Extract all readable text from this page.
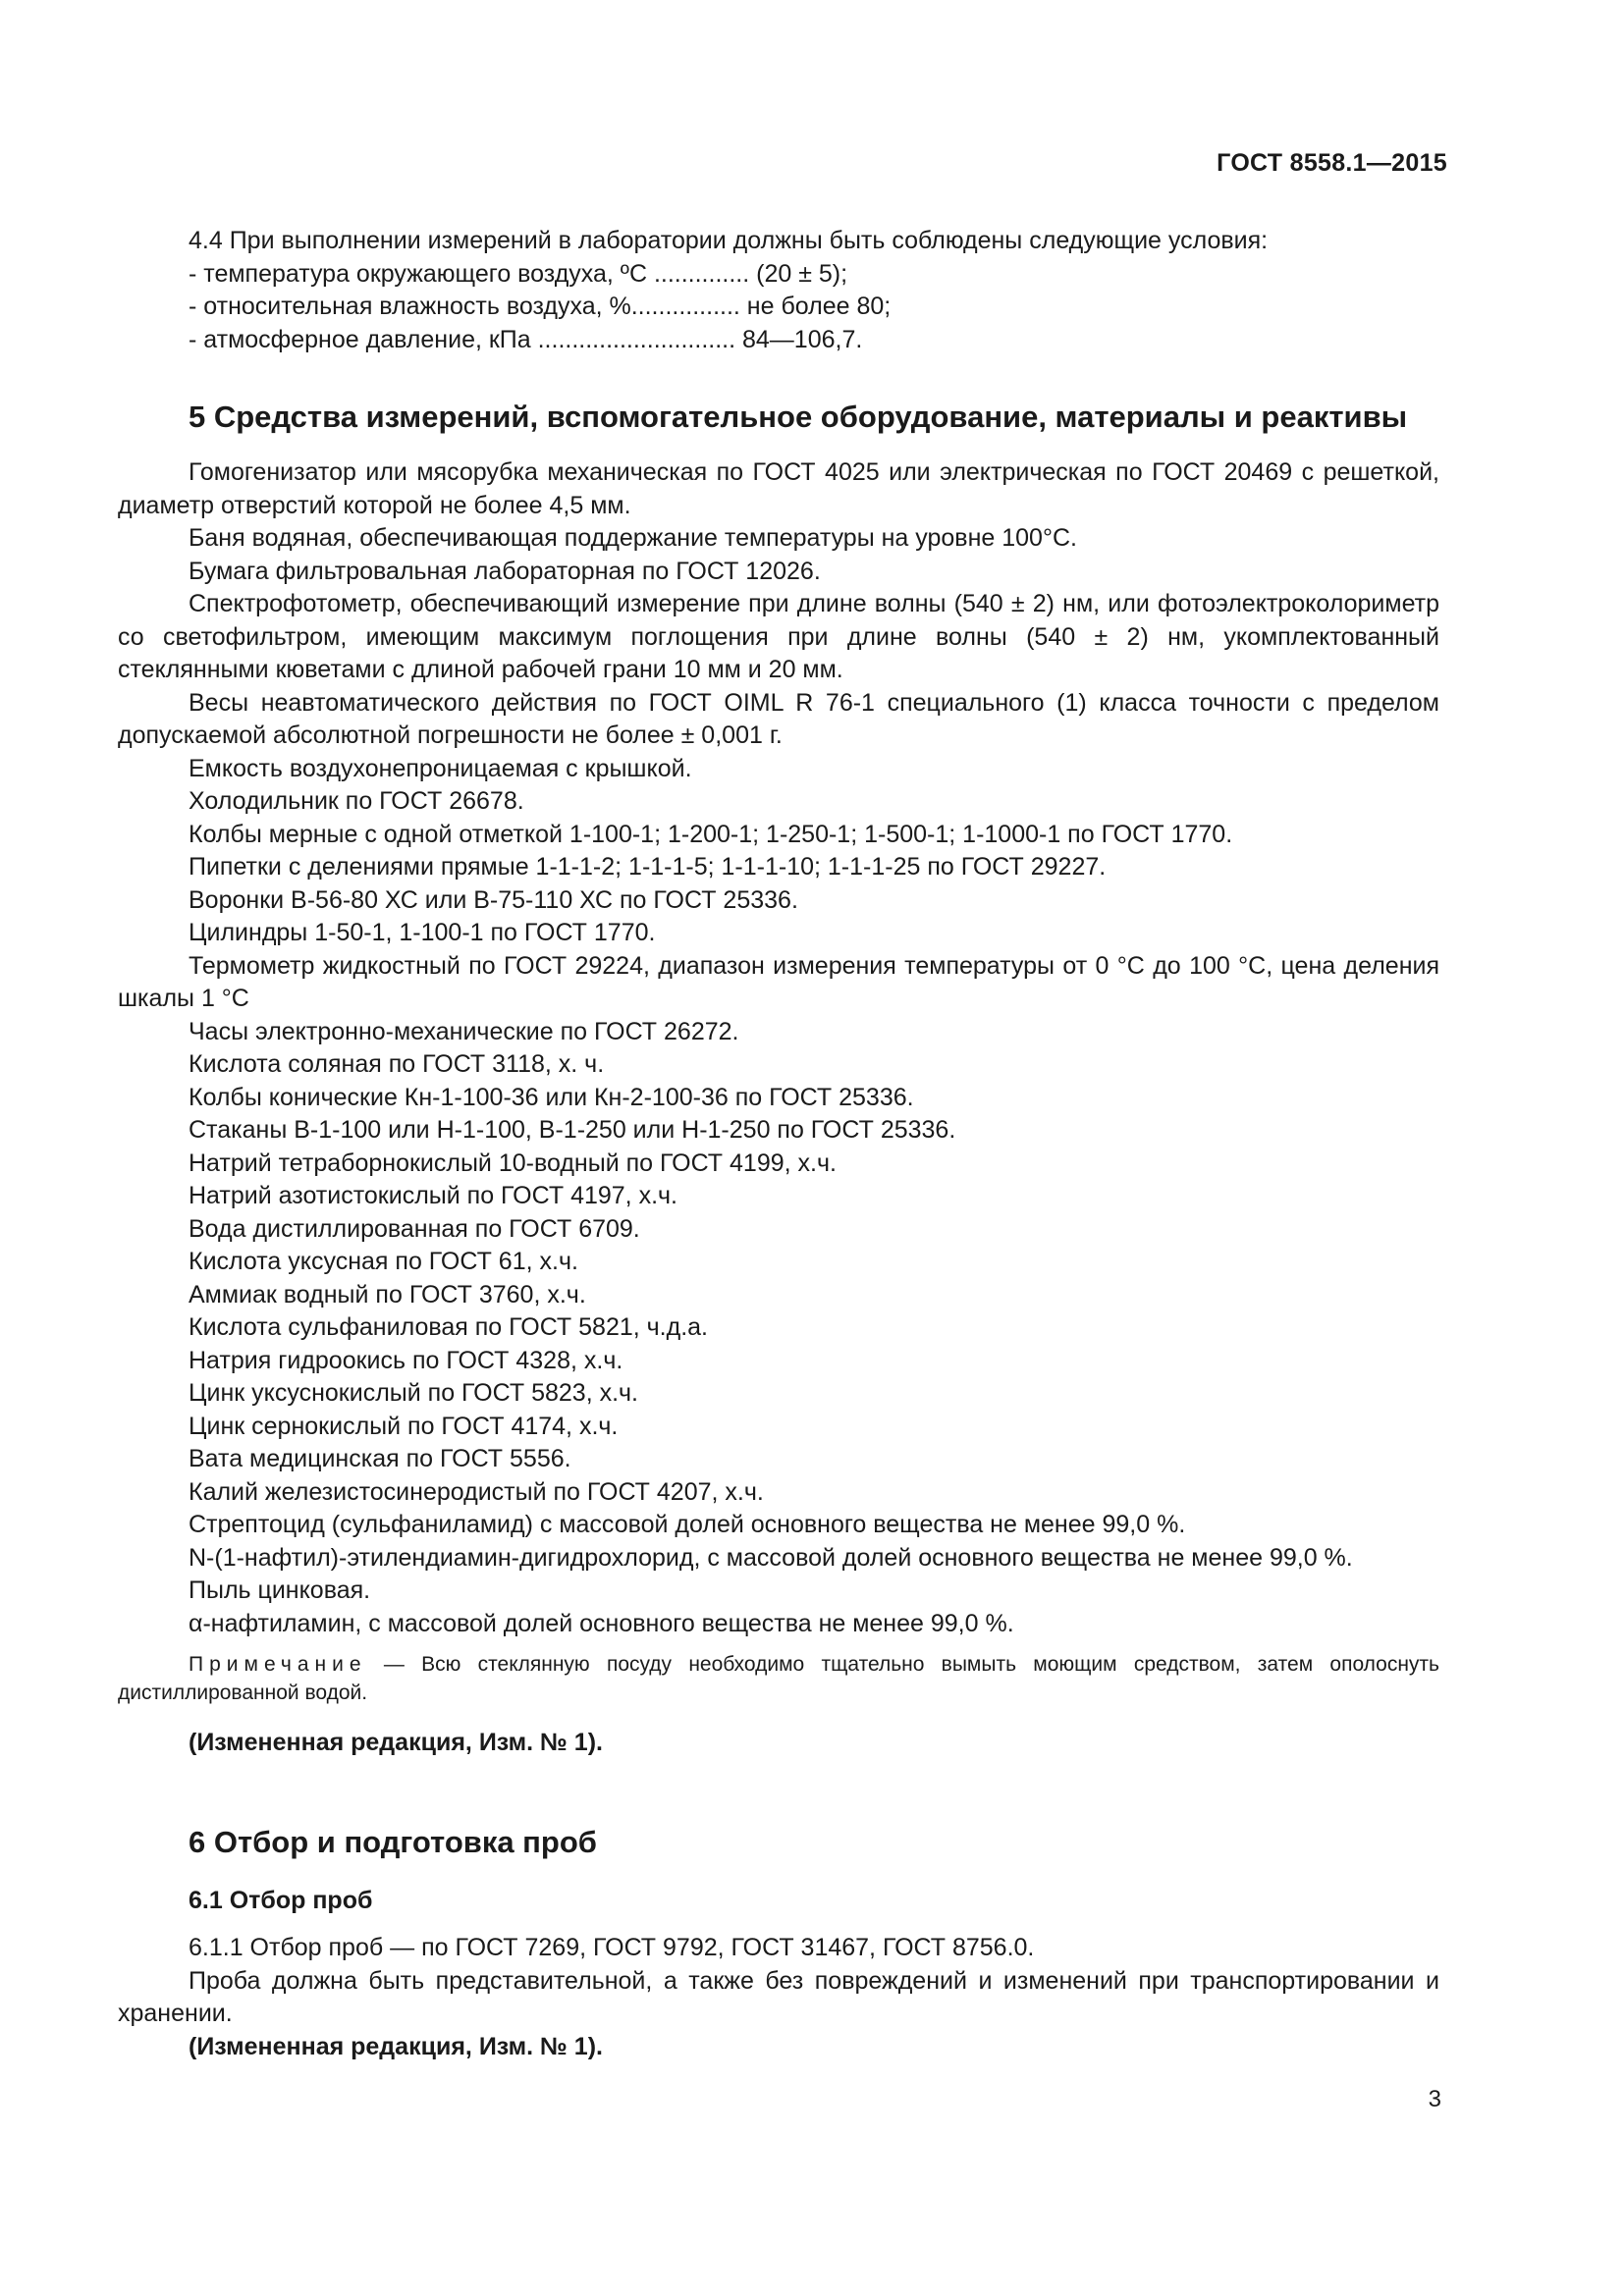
ГОСТ 8558.1—2015

4.4 При выполнении измерений в лаборатории должны быть соблюдены следующие условия:

- температура окружающего воздуха, ºС .............. (20 ± 5);

- относительная влажность воздуха, %................ не более 80;

- атмосферное давление, кПа ............................. 84—106,7.

5 Средства измерений, вспомогательное оборудование, материалы и реактивы

Гомогенизатор или мясорубка механическая по ГОСТ 4025 или электрическая по ГОСТ 20469 с решеткой, диаметр отверстий которой не более 4,5 мм.

Баня водяная, обеспечивающая поддержание температуры на уровне 100°С.

Бумага фильтровальная лабораторная по ГОСТ 12026.

Спектрофотометр, обеспечивающий измерение при длине волны (540 ± 2) нм, или фотоэлектроколориметр со светофильтром, имеющим максимум поглощения при длине волны (540 ± 2) нм, укомплектованный стеклянными кюветами с длиной рабочей грани 10 мм и 20 мм.

Весы неавтоматического действия по ГОСТ OIML R 76-1 специального (1) класса точности с пределом допускаемой абсолютной погрешности не более ± 0,001 г.

Емкость воздухонепроницаемая с крышкой.

Холодильник по ГОСТ 26678.

Колбы мерные с одной отметкой 1-100-1; 1-200-1; 1-250-1; 1-500-1; 1-1000-1 по ГОСТ 1770.

Пипетки с делениями прямые 1-1-1-2; 1-1-1-5; 1-1-1-10; 1-1-1-25 по ГОСТ 29227.

Воронки В-56-80 ХС или В-75-110 ХС по ГОСТ 25336.

Цилиндры 1-50-1, 1-100-1 по ГОСТ 1770.

Термометр жидкостный по ГОСТ 29224, диапазон измерения температуры от 0 °С до 100 °С, цена деления шкалы 1 °С

Часы электронно-механические по ГОСТ 26272.

Кислота соляная по ГОСТ 3118, х. ч.

Колбы конические Кн-1-100-36 или Кн-2-100-36 по ГОСТ 25336.

Стаканы В-1-100 или Н-1-100, В-1-250 или Н-1-250 по ГОСТ 25336.

Натрий тетраборнокислый 10-водный по ГОСТ 4199, х.ч.

Натрий азотистокислый по ГОСТ 4197, х.ч.

Вода дистиллированная по ГОСТ 6709.

Кислота уксусная по ГОСТ 61, х.ч.

Аммиак водный по ГОСТ 3760, х.ч.

Кислота сульфаниловая по ГОСТ 5821, ч.д.а.

Натрия гидроокись по ГОСТ 4328, х.ч.

Цинк уксуснокислый по ГОСТ 5823, х.ч.

Цинк сернокислый по ГОСТ 4174, х.ч.

Вата медицинская по ГОСТ 5556.

Калий железистосинеродистый по ГОСТ 4207, х.ч.

Стрептоцид (сульфаниламид) с массовой долей основного вещества не менее 99,0 %.

N-(1-нафтил)-этилендиамин-дигидрохлорид, с массовой долей основного вещества не менее 99,0 %.

Пыль цинковая.

α-нафтиламин, с массовой долей основного вещества не менее 99,0 %.

Примечание — Всю стеклянную посуду необходимо тщательно вымыть моющим средством, затем ополоснуть дистиллированной водой.

(Измененная редакция, Изм. № 1).

6 Отбор и подготовка проб
6.1 Отбор проб

6.1.1 Отбор проб — по ГОСТ 7269, ГОСТ 9792, ГОСТ 31467, ГОСТ 8756.0.

Проба должна быть представительной, а также без повреждений и изменений при транспортировании и хранении.

(Измененная редакция, Изм. № 1).

3
